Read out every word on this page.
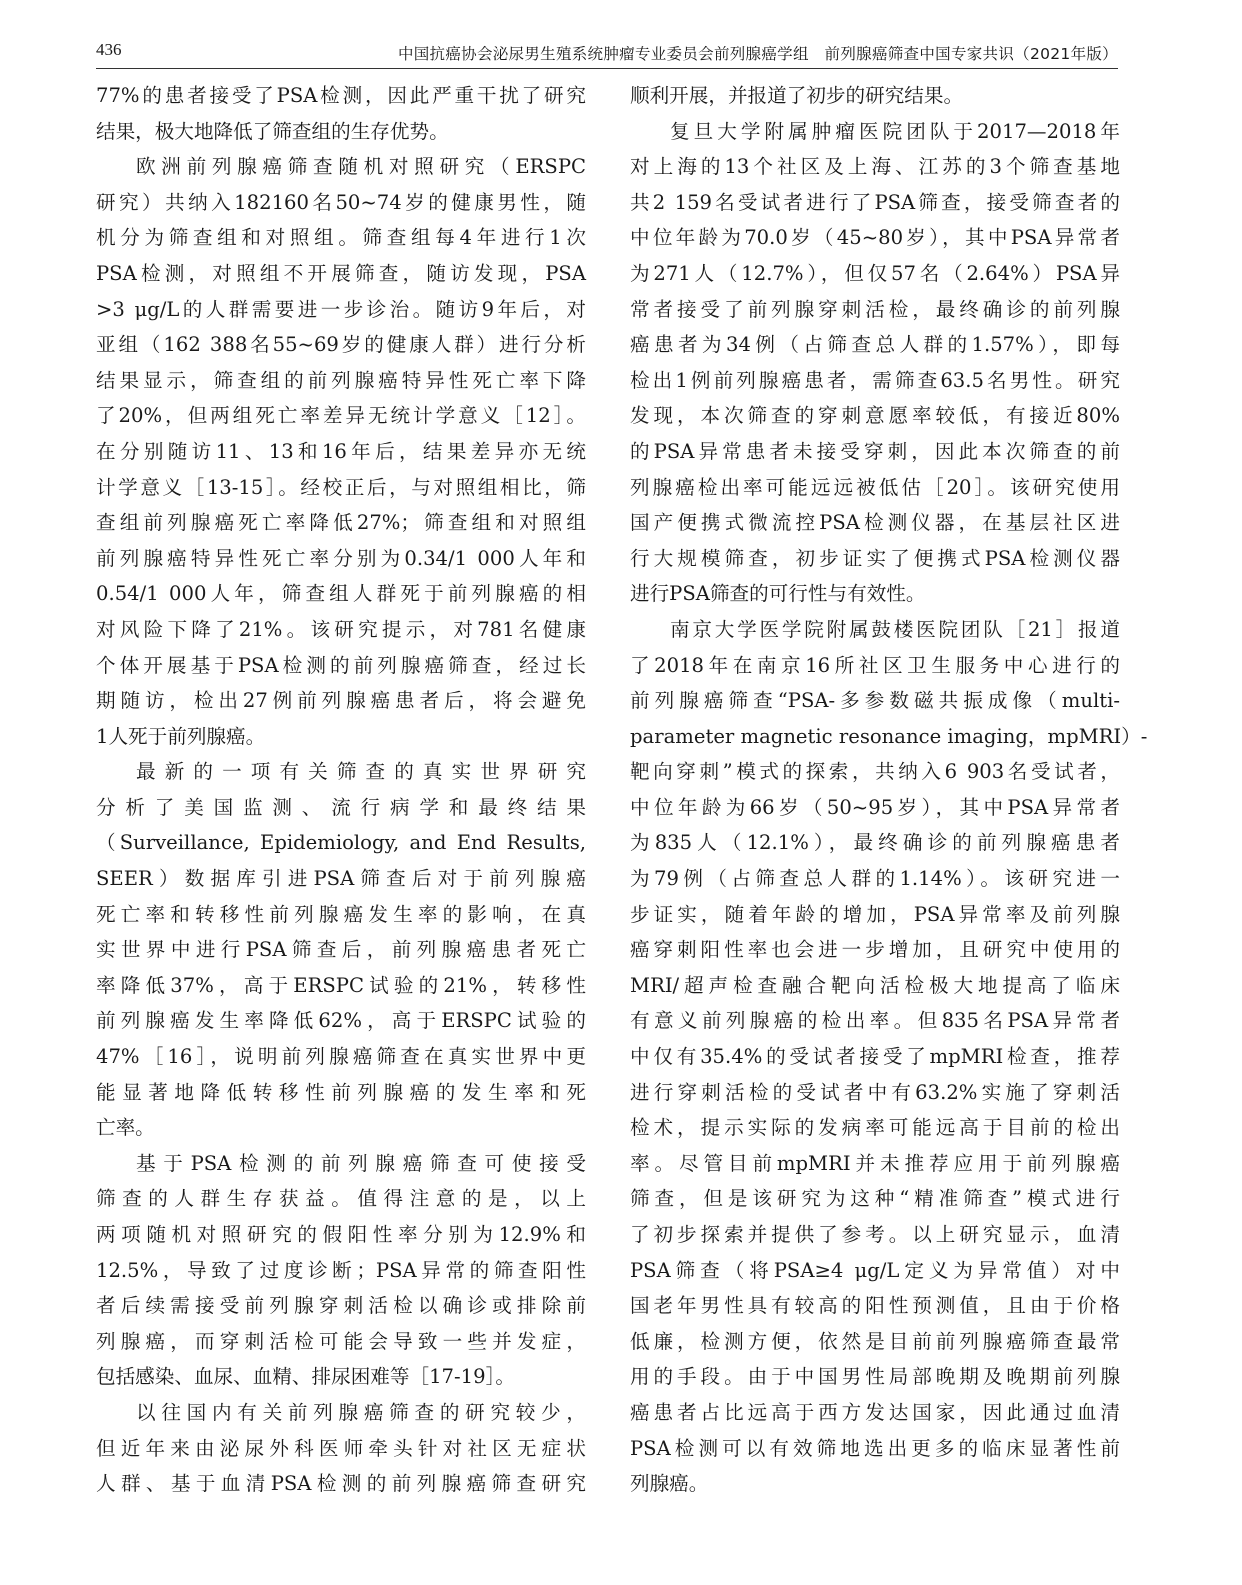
436	中国抗癌协会泌尿男生殖系统肿瘤专业委员会前列腺癌学组　前列腺癌筛查中国专家共识（2021年版）
77%的患者接受了PSA检测，因此严重干扰了研究
结果，极大地降低了筛查组的生存优势。
欧洲前列腺癌筛查随机对照研究（ERSPC
研究）共纳入182160名50~74岁的健康男性，随
机分为筛查组和对照组。筛查组每4年进行1次
PSA检测，对照组不开展筛查，随访发现，PSA
>3 μg/L的人群需要进一步诊治。随访9年后，对
亚组（162 388名55~69岁的健康人群）进行分析
结果显示，筛查组的前列腺癌特异性死亡率下降
了20%，但两组死亡率差异无统计学意义［12］。
在分别随访11、13和16年后，结果差异亦无统
计学意义［13-15］。经校正后，与对照组相比，筛
查组前列腺癌死亡率降低27%；筛查组和对照组
前列腺癌特异性死亡率分别为0.34/1 000人年和
0.54/1 000人年，筛查组人群死于前列腺癌的相
对风险下降了21%。该研究提示，对781名健康
个体开展基于PSA检测的前列腺癌筛查，经过长
期随访，检出27例前列腺癌患者后，将会避免
1人死于前列腺癌。
最新的一项有关筛查的真实世界研究
分析了美国监测、流行病学和最终结果
（Surveillance, Epidemiology, and End Results,
SEER）数据库引进PSA筛查后对于前列腺癌
死亡率和转移性前列腺癌发生率的影响，在真
实世界中进行PSA筛查后，前列腺癌患者死亡
率降低37%，高于ERSPC试验的21%，转移性
前列腺癌发生率降低62%，高于ERSPC试验的
47%［16］，说明前列腺癌筛查在真实世界中更
能显著地降低转移性前列腺癌的发生率和死
亡率。
基于PSA检测的前列腺癌筛查可使接受
筛查的人群生存获益。值得注意的是，以上
两项随机对照研究的假阳性率分别为12.9%和
12.5%，导致了过度诊断；PSA异常的筛查阳性
者后续需接受前列腺穿刺活检以确诊或排除前
列腺癌，而穿刺活检可能会导致一些并发症，
包括感染、血尿、血精、排尿困难等［17-19］。
以往国内有关前列腺癌筛查的研究较少，
但近年来由泌尿外科医师牵头针对社区无症状
人群、基于血清PSA检测的前列腺癌筛查研究
顺利开展，并报道了初步的研究结果。
复旦大学附属肿瘤医院团队于2017—2018年
对上海的13个社区及上海、江苏的3个筛查基地
共2 159名受试者进行了PSA筛查，接受筛查者的
中位年龄为70.0岁（45~80岁），其中PSA异常者
为271人（12.7%），但仅57名（2.64%）PSA异
常者接受了前列腺穿刺活检，最终确诊的前列腺
癌患者为34例（占筛查总人群的1.57%），即每
检出1例前列腺癌患者，需筛查63.5名男性。研究
发现，本次筛查的穿刺意愿率较低，有接近80%
的PSA异常患者未接受穿刺，因此本次筛查的前
列腺癌检出率可能远远被低估［20］。该研究使用
国产便携式微流控PSA检测仪器，在基层社区进
行大规模筛查，初步证实了便携式PSA检测仪器
进行PSA筛查的可行性与有效性。
南京大学医学院附属鼓楼医院团队［21］报道
了2018年在南京16所社区卫生服务中心进行的
前列腺癌筛查“PSA-多参数磁共振成像（multi-
parameter magnetic resonance imaging，mpMRI）-
靶向穿刺”模式的探索，共纳入6 903名受试者，
中位年龄为66岁（50~95岁），其中PSA异常者
为835人（12.1%），最终确诊的前列腺癌患者
为79例（占筛查总人群的1.14%）。该研究进一
步证实，随着年龄的增加，PSA异常率及前列腺
癌穿刺阳性率也会进一步增加，且研究中使用的
MRI/超声检查融合靶向活检极大地提高了临床
有意义前列腺癌的检出率。但835名PSA异常者
中仅有35.4%的受试者接受了mpMRI检查，推荐
进行穿刺活检的受试者中有63.2%实施了穿刺活
检术，提示实际的发病率可能远高于目前的检出
率。尽管目前mpMRI并未推荐应用于前列腺癌
筛查，但是该研究为这种“精准筛查”模式进行
了初步探索并提供了参考。以上研究显示，血清
PSA筛查（将PSA≥4 μg/L定义为异常值）对中
国老年男性具有较高的阳性预测值，且由于价格
低廉，检测方便，依然是目前前列腺癌筛查最常
用的手段。由于中国男性局部晚期及晚期前列腺
癌患者占比远高于西方发达国家，因此通过血清
PSA检测可以有效筛地选出更多的临床显著性前
列腺癌。
